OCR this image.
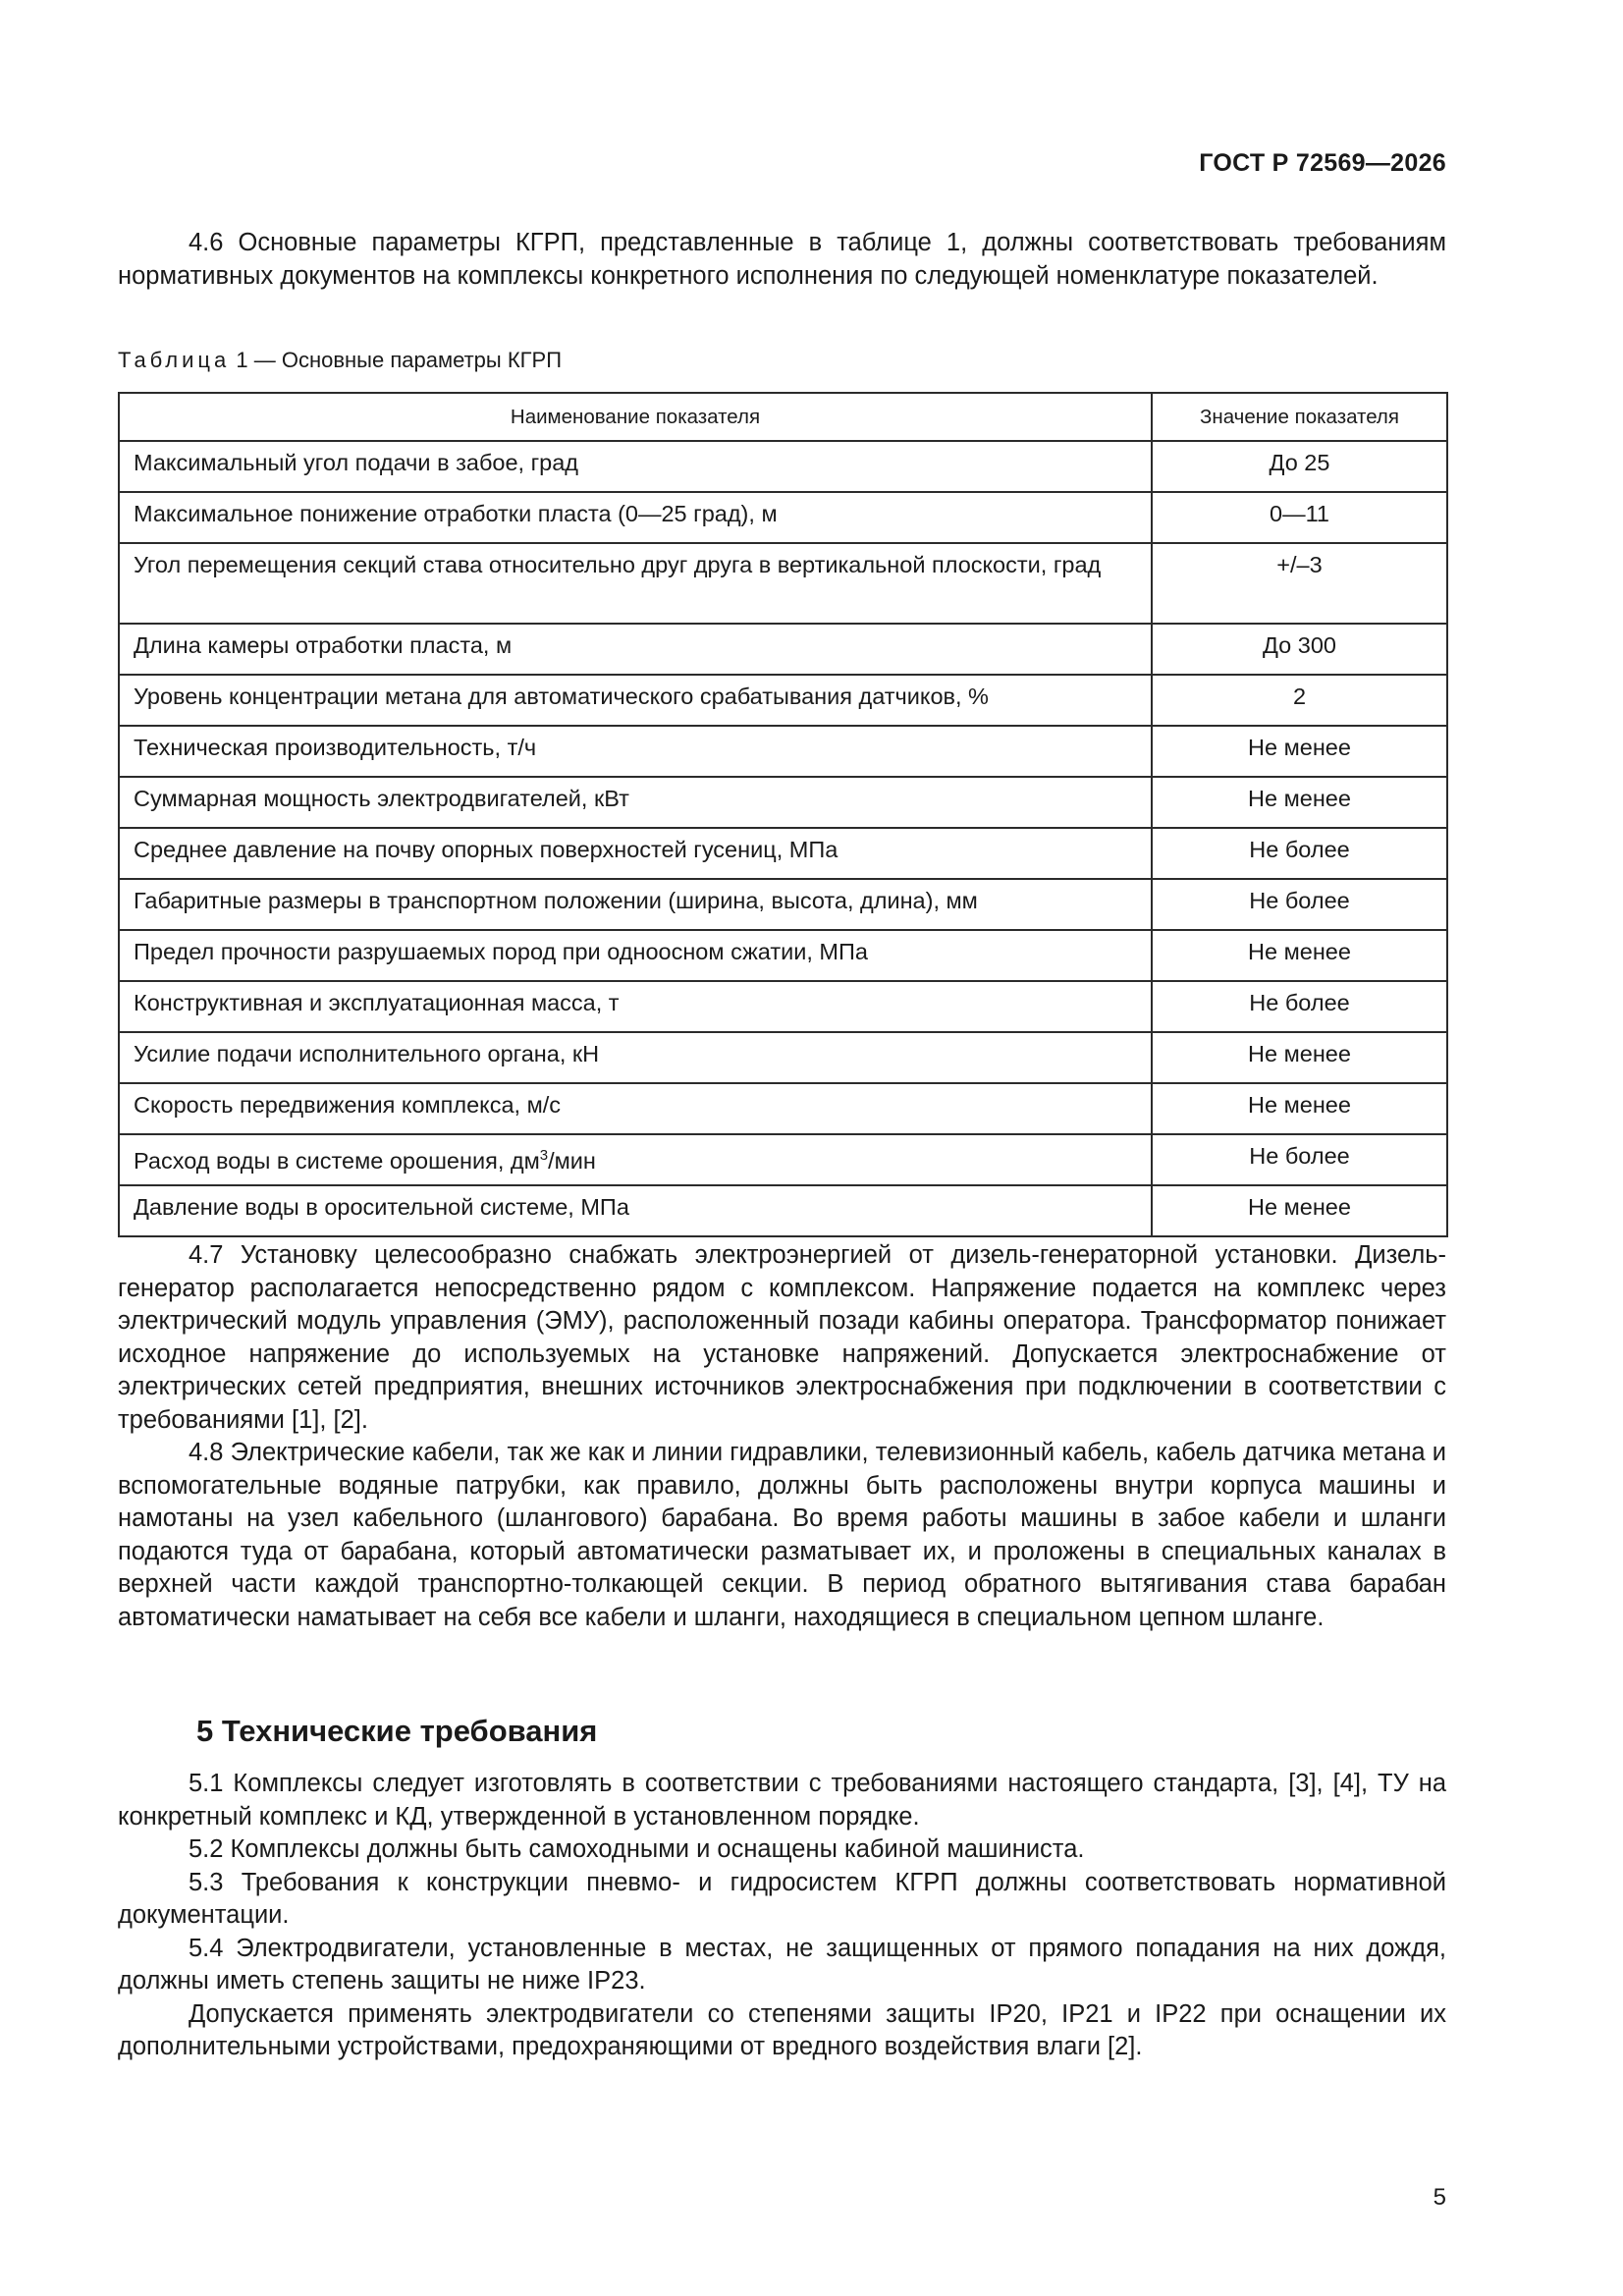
ГОСТ Р 72569—2026

4.6 Основные параметры КГРП, представленные в таблице 1, должны соответствовать требованиям нормативных документов на комплексы конкретного исполнения по следующей номенклатуре показателей.

Таблица 1 — Основные параметры КГРП
Наименование показателя	Значение показателя
Максимальный угол подачи в забое, град	До 25
Максимальное понижение отработки пласта (0—25 град), м	0—11
Угол перемещения секций става относительно друг друга в вертикальной плоскости, град	+/–3
Длина камеры отработки пласта, м	До 300
Уровень концентрации метана для автоматического срабатывания датчиков, %	2
Техническая производительность, т/ч	Не менее
Суммарная мощность электродвигателей, кВт	Не менее
Среднее давление на почву опорных поверхностей гусениц, МПа	Не более
Габаритные размеры в транспортном положении (ширина, высота, длина), мм	Не более
Предел прочности разрушаемых пород при одноосном сжатии, МПа	Не менее
Конструктивная и эксплуатационная масса, т	Не более
Усилие подачи исполнительного органа, кН	Не менее
Скорость передвижения комплекса, м/с	Не менее
Расход воды в системе орошения, $дм^3$/мин	Не более
Давление воды в оросительной системе, МПа	Не менее

4.7 Установку целесообразно снабжать электроэнергией от дизель-генераторной установки. Дизель-генератор располагается непосредственно рядом с комплексом. Напряжение подается на комплекс через электрический модуль управления (ЭМУ), расположенный позади кабины оператора. Трансформатор понижает исходное напряжение до используемых на установке напряжений. Допускается электроснабжение от электрических сетей предприятия, внешних источников электроснабжения при подключении в соответствии с требованиями [1], [2].

4.8 Электрические кабели, так же как и линии гидравлики, телевизионный кабель, кабель датчика метана и вспомогательные водяные патрубки, как правило, должны быть расположены внутри корпуса машины и намотаны на узел кабельного (шлангового) барабана. Во время работы машины в забое кабели и шланги подаются туда от барабана, который автоматически разматывает их, и проложены в специальных каналах в верхней части каждой транспортно-толкающей секции. В период обратного вытягивания става барабан автоматически наматывает на себя все кабели и шланги, находящиеся в специальном цепном шланге.

5 Технические требования

5.1 Комплексы следует изготовлять в соответствии с требованиями настоящего стандарта, [3], [4], ТУ на конкретный комплекс и КД, утвержденной в установленном порядке.

5.2 Комплексы должны быть самоходными и оснащены кабиной машиниста.

5.3 Требования к конструкции пневмо- и гидросистем КГРП должны соответствовать нормативной документации.

5.4 Электродвигатели, установленные в местах, не защищенных от прямого попадания на них дождя, должны иметь степень защиты не ниже IP23.

Допускается применять электродвигатели со степенями защиты IP20, IP21 и IP22 при оснащении их дополнительными устройствами, предохраняющими от вредного воздействия влаги [2].

5
